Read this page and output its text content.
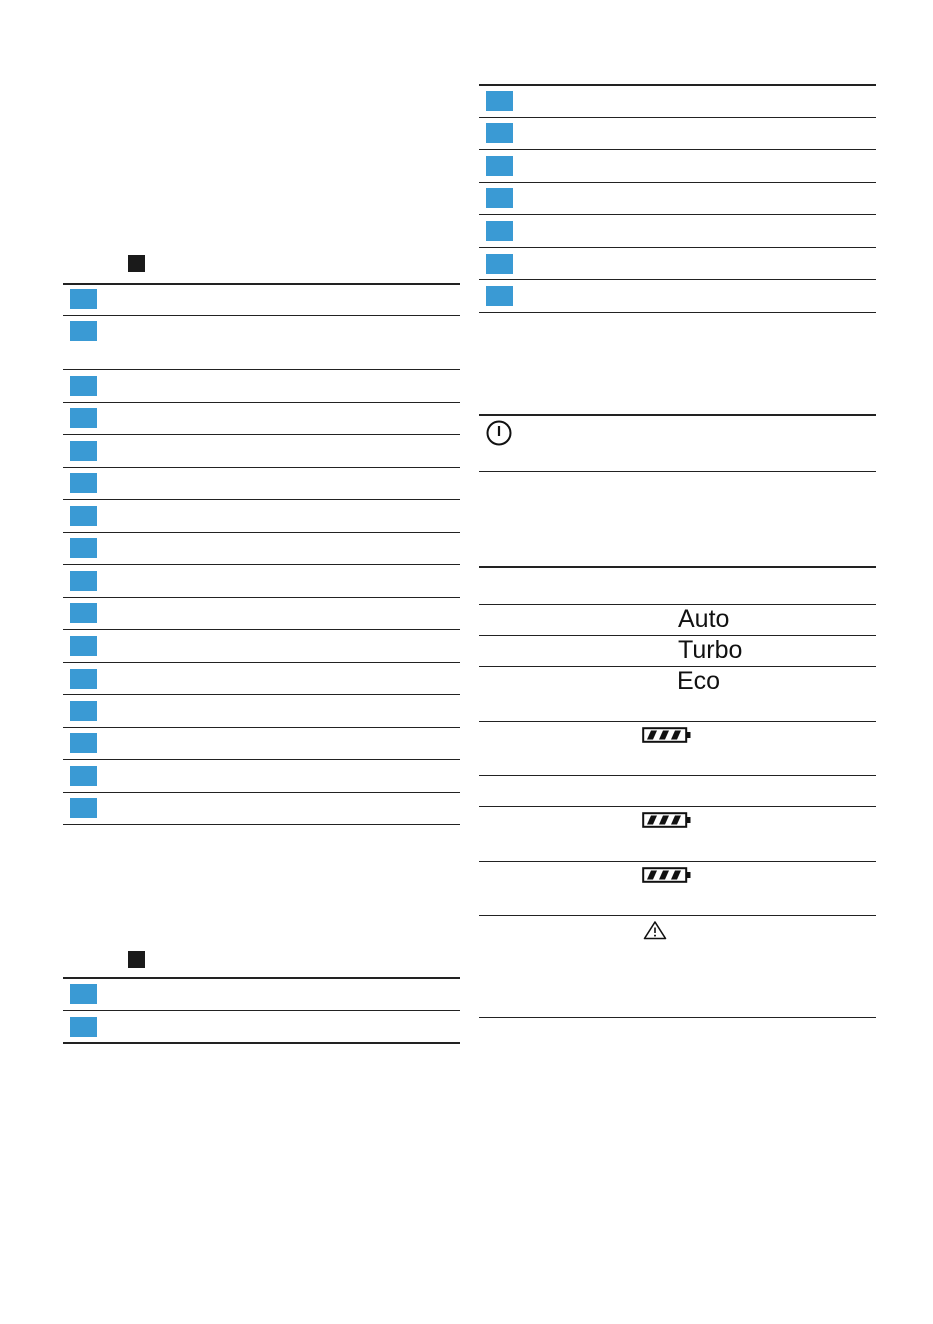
Auto
Turbo
Eco
